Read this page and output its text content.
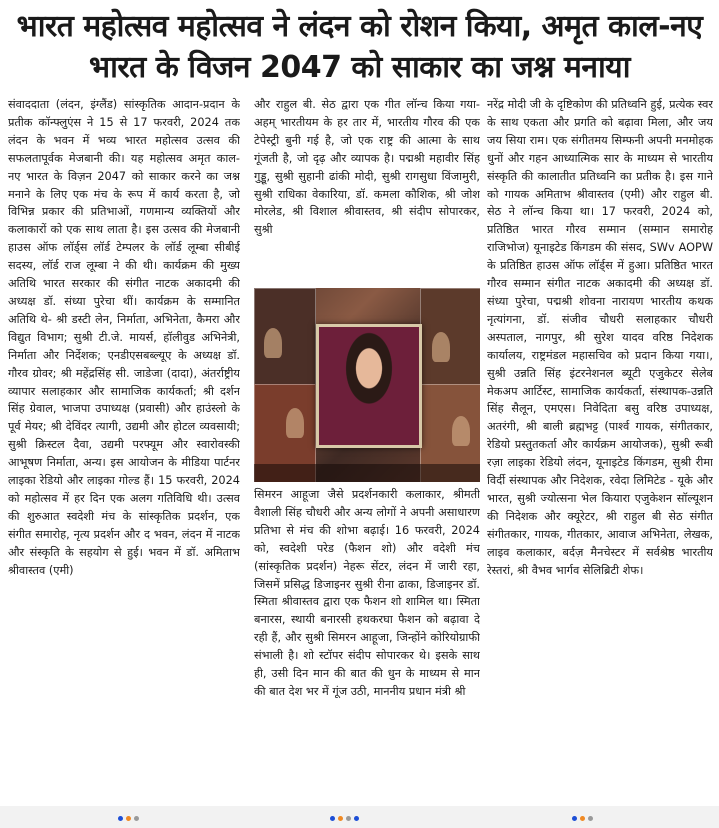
भारत महोत्सव महोत्सव ने लंदन को रोशन किया, अमृत काल-नए भारत के विजन 2047 को साकार का जश्न मनाया

संवाददाता (लंदन, इंग्लैंड) सांस्कृतिक आदान-प्रदान के प्रतीक कॉन्फ्लुएंस ने 15 से 17 फरवरी, 2024 तक लंदन के भवन में भव्य भारत महोत्सव उत्सव की सफलतापूर्वक मेजबानी की। यह महोत्सव अमृत काल- नए भारत के विज़न 2047 को साकार करने का जश्न मनाने के लिए एक मंच के रूप में कार्य करता है, जो विभिन्न प्रकार की प्रतिभाओं, गणमान्य व्यक्तियों और कलाकारों को एक साथ लाता है। इस उत्सव की मेजबानी हाउस ऑफ लॉर्ड्स लॉर्ड टेम्पलर के लॉर्ड लूम्बा सीबीई सदस्य, लॉर्ड राज लूम्बा ने की थी। कार्यक्रम की मुख्य अतिथि भारत सरकार की संगीत नाटक अकादमी की अध्यक्ष डॉ. संध्या पुरेचा थीं। कार्यक्रम के सम्मानित अतिथि थे- श्री डस्टी लेन, निर्माता, अभिनेता, कैमरा और विद्युत विभाग; सुश्री टी.जे. मायर्स, हॉलीवुड अभिनेत्री, निर्माता और निर्देशक; एनडीएसबब्ल्यूए के अध्यक्ष डॉ. गौरव ग्रोवर; श्री महेंद्रसिंह सी. जाडेजा (दादा), अंतर्राष्ट्रीय व्यापार सलाहकार और सामाजिक कार्यकर्ता; श्री दर्शन सिंह ग्रेवाल, भाजपा उपाध्यक्ष (प्रवासी) और हाउंस्लो के पूर्व मेयर; श्री देविंदर त्यागी, उद्यमी और होटल व्यवसायी; सुश्री क्रिस्टल दैवा, उद्यमी परफ्यूम और स्वारोवस्की आभूषण निर्माता, अन्य। इस आयोजन के मीडिया पार्टनर लाइका रेडियो और लाइका गोल्ड हैं। 15 फरवरी, 2024 को महोत्सव में हर दिन एक अलग गतिविधि थी। उत्सव की शुरुआत स्वदेशी मंच के सांस्कृतिक प्रदर्शन, एक संगीत समारोह, नृत्य प्रदर्शन और द भवन, लंदन में नाटक और संस्कृति के सहयोग से हुई। भवन में डॉ. अमिताभ श्रीवास्तव (एमी)

और राहुल बी. सेठ द्वारा एक गीत लॉन्च किया गया-अहम् भारतीयम के हर तार में, भारतीय गौरव की एक टेपेस्ट्री बुनी गई है, जो एक राष्ट्र की आत्मा के साथ गूंजती है, जो दृढ़ और व्यापक है। पद्मश्री महावीर सिंह गुड्डू, सुश्री सुहानी ढांकी मोदी, सुश्री रागसुधा विंजामुरी, सुश्री राधिका वेकारिया, डॉ. कमला कौशिक, श्री जोश मोरलेड, श्री विशाल श्रीवास्तव, श्री संदीप सोपारकर, सुश्री

सिमरन आहूजा जैसे प्रदर्शनकारी कलाकार, श्रीमती वैशाली सिंह चौधरी और अन्य लोगों ने अपनी असाधारण प्रतिभा से मंच की शोभा बढ़ाई। 16 फरवरी, 2024 को, स्वदेशी परेड (फैशन शो) और वदेशी मंच (सांस्कृतिक प्रदर्शन) नेहरू सेंटर, लंदन में जारी रहा, जिसमें प्रसिद्ध डिजाइनर सुश्री रीना ढाका, डिजाइनर डॉ. स्मिता श्रीवास्तव द्वारा एक फैशन शो शामिल था। स्मिता बनारस, स्थायी बनारसी हथकरघा फैशन को बढ़ावा दे रही हैं, और सुश्री सिमरन आहूजा, जिन्होंने कोरियोग्राफी संभाली है। शो स्टॉपर संदीप सोपारकर थे। इसके साथ ही, उसी दिन मान की बात की धुन के माध्यम से मान की बात देश भर में गूंज उठी, माननीय प्रधान मंत्री श्री

नरेंद्र मोदी जी के दृष्टिकोण की प्रतिध्वनि हुई, प्रत्येक स्वर के साथ एकता और प्रगति को बढ़ावा मिला, और जय जय सिया राम। एक संगीतमय सिम्फनी अपनी मनमोहक धुनों और गहन आध्यात्मिक सार के माध्यम से भारतीय संस्कृति की कालातीत प्रतिध्वनि का प्रतीक है। इस गाने को गायक अमिताभ श्रीवास्तव (एमी) और राहुल बी. सेठ ने लॉन्च किया था। 17 फरवरी, 2024 को, प्रतिष्ठित भारत गौरव सम्मान (सम्मान समारोह राजिभोज) यूनाइटेड किंगडम की संसद, SWv AOPW के प्रतिष्ठित हाउस ऑफ लॉर्ड्स में हुआ। प्रतिष्ठित भारत गौरव सम्मान संगीत नाटक अकादमी की अध्यक्ष डॉ. संध्या पुरेचा, पद्मश्री शोवना नारायण भारतीय कथक नृत्यांगना, डॉ. संजीव चौधरी सलाहकार चौधरी अस्पताल, नागपुर, श्री सुरेश यादव वरिष्ठ निदेशक कार्यालय, राष्ट्रमंडल महासचिव को प्रदान किया गया।, सुश्री उन्नति सिंह इंटरनेशनल ब्यूटी एजुकेटर सेलेब मेकअप आर्टिस्ट, सामाजिक कार्यकर्ता, संस्थापक-उन्नति सिंह सैलून, एमएस। निवेदिता बसु वरिष्ठ उपाध्यक्ष, अतरंगी, श्री बाली ब्रह्मभट्ट (पार्श्व गायक, संगीतकार, रेडियो प्रस्तुतकर्ता और कार्यक्रम आयोजक), सुश्री रूबी रज़ा लाइका रेडियो लंदन, यूनाइटेड किंगडम, सुश्री रीमा विर्दी संस्थापक और निदेशक, रवेदा लिमिटेड - यूके और भारत, सुश्री ज्योत्सना भेल कियारा एजुकेशन सॉल्यूशन की निदेशक और क्यूरेटर, श्री राहुल बी सेठ संगीत संगीतकार, गायक, गीतकार, आवाज अभिनेता, लेखक, लाइव कलाकार, बर्दज़ मैनचेस्टर में सर्वश्रेष्ठ भारतीय रेस्तरां, श्री वैभव भार्गव सेलिब्रिटी शेफ।
